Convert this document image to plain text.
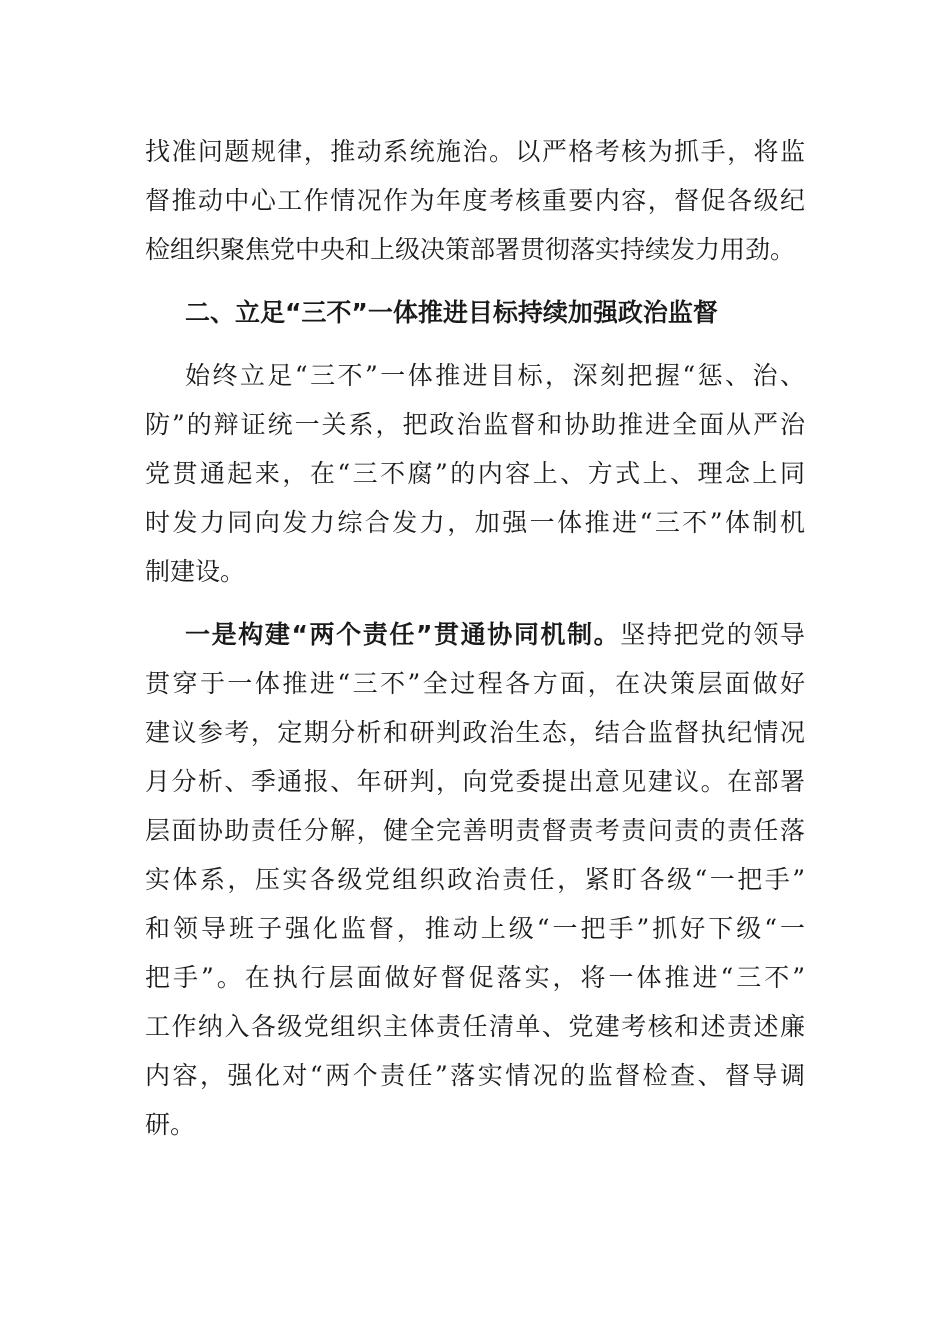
找准问题规律，推动系统施治。以严格考核为抓手，将监
督推动中心工作情况作为年度考核重要内容，督促各级纪
检组织聚焦党中央和上级决策部署贯彻落实持续发力用劲。
二、立足“三不”一体推进目标持续加强政治监督
始终立足“三不”一体推进目标，深刻把握“惩、治、
防”的辩证统一关系，把政治监督和协助推进全面从严治
党贯通起来，在“三不腐”的内容上、方式上、理念上同
时发力同向发力综合发力，加强一体推进“三不”体制机
制建设。
一是构建“两个责任”贯通协同机制。坚持把党的领导
贯穿于一体推进“三不”全过程各方面，在决策层面做好
建议参考，定期分析和研判政治生态，结合监督执纪情况
月分析、季通报、年研判，向党委提出意见建议。在部署
层面协助责任分解，健全完善明责督责考责问责的责任落
实体系，压实各级党组织政治责任，紧盯各级“一把手”
和领导班子强化监督，推动上级“一把手”抓好下级“一
把手”。在执行层面做好督促落实，将一体推进“三不”
工作纳入各级党组织主体责任清单、党建考核和述责述廉
内容，强化对“两个责任”落实情况的监督检查、督导调
研。
